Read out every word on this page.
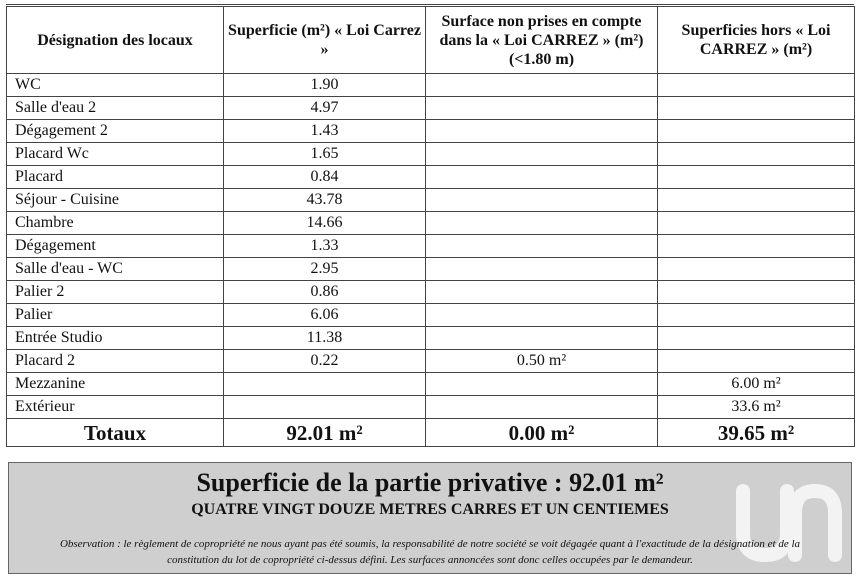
Désignation des locaux	Superficie (m²) « Loi Carrez »	Surface non prises en compte dans la « Loi CARREZ » (m²) (<1.80 m)	Superficies hors « Loi CARREZ » (m²)
WC	1.90		
Salle d'eau 2	4.97		
Dégagement 2	1.43		
Placard Wc	1.65		
Placard	0.84		
Séjour - Cuisine	43.78		
Chambre	14.66		
Dégagement	1.33		
Salle d'eau - WC	2.95		
Palier 2	0.86		
Palier	6.06		
Entrée Studio	11.38		
Placard 2	0.22	0.50 m²	
Mezzanine			6.00 m²
Extérieur			33.6 m²
Totaux	92.01 m²	0.00 m²	39.65 m²
Superficie de la partie privative : 92.01 m²
QUATRE VINGT DOUZE METRES CARRES ET UN CENTIEMES
Observation : le règlement de copropriété ne nous ayant pas été soumis, la responsabilité de notre société se voit dégagée quant à l'exactitude de la désignation et de la constitution du lot de copropriété ci-dessus défini. Les surfaces annoncées sont donc celles occupées par le demandeur.
